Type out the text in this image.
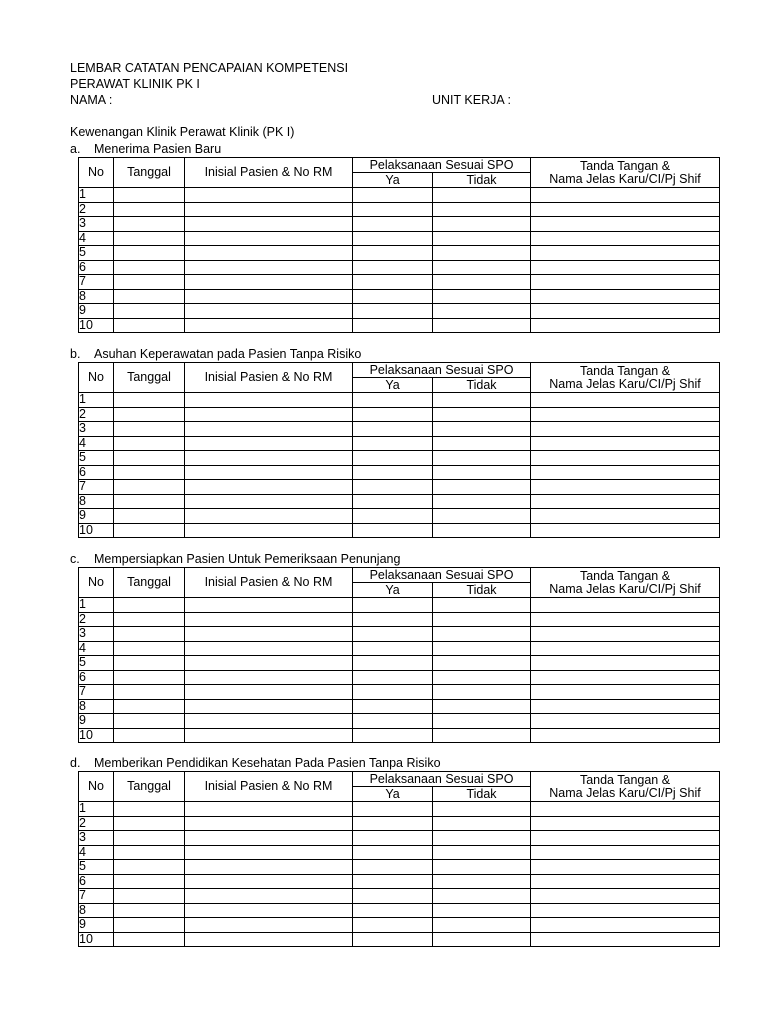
LEMBAR CATATAN PENCAPAIAN KOMPETENSI
PERAWAT KLINIK PK I
NAMA :	UNIT KERJA :
Kewenangan Klinik Perawat Klinik (PK I)
a. Menerima Pasien Baru
No	Tanggal	Inisial Pasien & No RM	Pelaksanaan Sesuai SPO		Tanda Tangan &
Nama Jelas Karu/CI/Pj Shif

			Ya	Tidak	
1					
2					
3					
4					
5					
6					
7					
8					
9					
10					
b. Asuhan Keperawatan pada Pasien Tanpa Risiko
No	Tanggal	Inisial Pasien & No RM	Pelaksanaan Sesuai SPO		Tanda Tangan &
Nama Jelas Karu/CI/Pj Shif

			Ya	Tidak	
1					
2					
3					
4					
5					
6					
7					
8					
9					
10					
c. Mempersiapkan Pasien Untuk Pemeriksaan Penunjang
No	Tanggal	Inisial Pasien & No RM	Pelaksanaan Sesuai SPO		Tanda Tangan &
Nama Jelas Karu/CI/Pj Shif

			Ya	Tidak	
1					
2					
3					
4					
5					
6					
7					
8					
9					
10					
d. Memberikan Pendidikan Kesehatan Pada Pasien Tanpa Risiko
No	Tanggal	Inisial Pasien & No RM	Pelaksanaan Sesuai SPO		Tanda Tangan &
Nama Jelas Karu/CI/Pj Shif

			Ya	Tidak	
1					
2					
3					
4					
5					
6					
7					
8					
9					
10					
